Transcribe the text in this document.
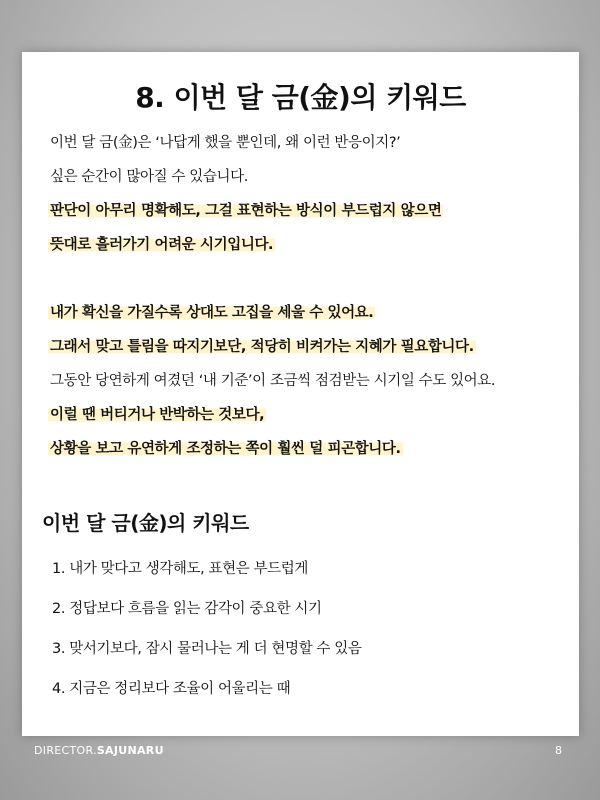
8. 이번 달 금(金)의 키워드
이번 달 금(金)은 ‘나답게 했을 뿐인데, 왜 이런 반응이지?’
싶은 순간이 많아질 수 있습니다.
판단이 아무리 명확해도, 그걸 표현하는 방식이 부드럽지 않으면
뜻대로 흘러가기 어려운 시기입니다.
내가 확신을 가질수록 상대도 고집을 세울 수 있어요.
그래서 맞고 틀림을 따지기보단, 적당히 비켜가는 지혜가 필요합니다.
그동안 당연하게 여겼던 ‘내 기준’이 조금씩 점검받는 시기일 수도 있어요.
이럴 땐 버티거나 반박하는 것보다,
상황을 보고 유연하게 조정하는 쪽이 훨씬 덜 피곤합니다.
이번 달 금(金)의 키워드
1. 내가 맞다고 생각해도, 표현은 부드럽게
2. 정답보다 흐름을 읽는 감각이 중요한 시기
3. 맞서기보다, 잠시 물러나는 게 더 현명할 수 있음
4. 지금은 정리보다 조율이 어울리는 때
DIRECTOR.SAJUNARU	8
